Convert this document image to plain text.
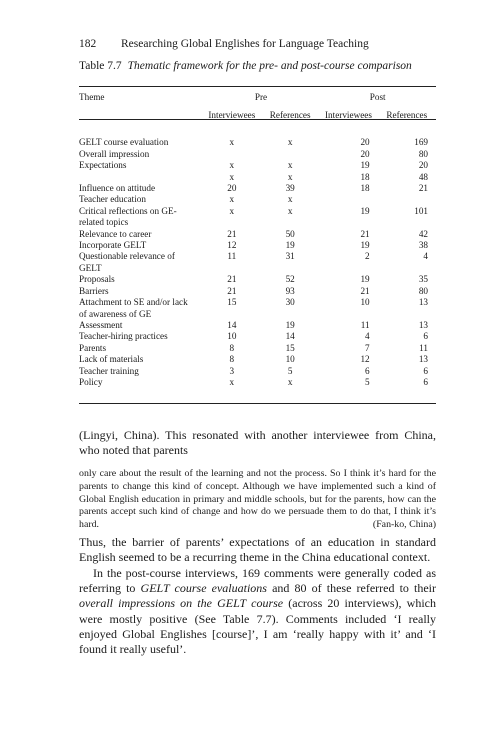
182 Researching Global Englishes for Language Teaching
Table 7.7 Thematic framework for the pre- and post-course comparison
Theme	Pre		Post	
	Interviewees	References	Interviewees	References

GELT course evaluation	x	x	20	169
Overall impression			20	80
Expectations	x	x	19	20
	x	x	18	48

Influence on attitude	20	39	18	21
Teacher education	x	x		
Critical reflections on GE-
related topics	x	x	19	101
Relevance to career	21	50	21	42
Incorporate GELT	12	19	19	38
Questionable relevance of
GELT	11	31	2	4
Proposals	21	52	19	35
Barriers	21	93	21	80
Attachment to SE and/or lack
of awareness of GE	15	30	10	13
Assessment	14	19	11	13
Teacher-hiring practices	10	14	4	6
Parents	8	15	7	11
Lack of materials	8	10	12	13
Teacher training	3	5	6	6
Policy	x	x	5	6

(Lingyi, China). This resonated with another interviewee from China, who noted that parents

only care about the result of the learning and not the process. So I think it’s hard for the parents to change this kind of concept. Although we have implemented such a kind of Global English education in primary and middle schools, but for the parents, how can the parents accept such kind of change and how do we persuade them to do that, I think it’s hard.	(Fan-ko, China)

Thus, the barrier of parents’ expectations of an education in standard English seemed to be a recurring theme in the China educational context.

In the post-course interviews, 169 comments were generally coded as referring to GELT course evaluations and 80 of these referred to their overall impressions on the GELT course (across 20 interviews), which were mostly positive (See Table 7.7). Comments included ‘I really enjoyed Global Englishes [course]’, I am ‘really happy with it’ and ‘I found it really useful’.
